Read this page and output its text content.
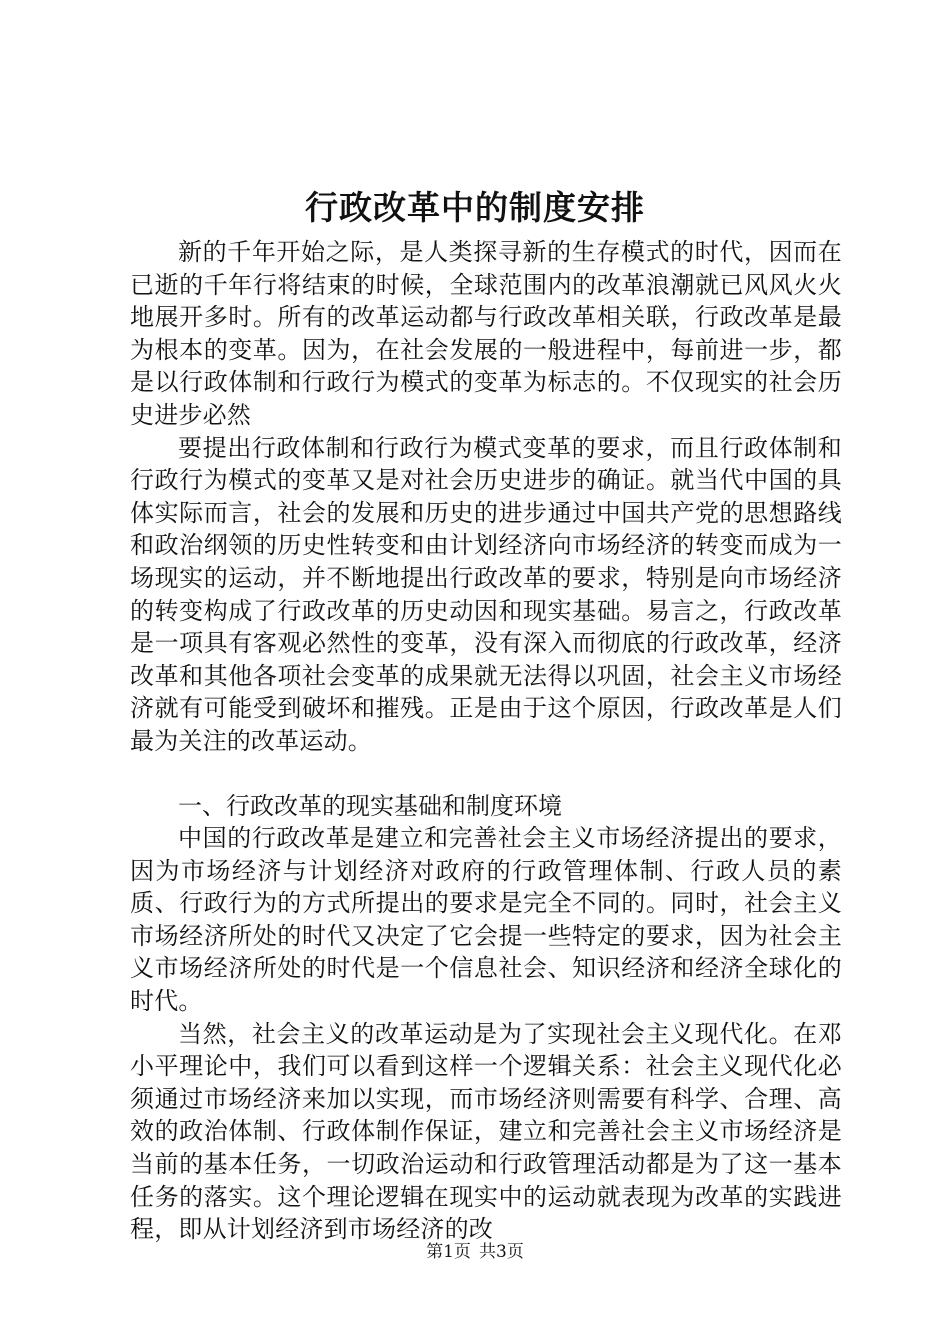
行政改革中的制度安排

新的千年开始之际，是人类探寻新的生存模式的时代，因而在已逝的千年行将结束的时候，全球范围内的改革浪潮就已风风火火地展开多时。所有的改革运动都与行政改革相关联，行政改革是最为根本的变革。因为，在社会发展的一般进程中，每前进一步，都是以行政体制和行政行为模式的变革为标志的。不仅现实的社会历史进步必然

要提出行政体制和行政行为模式变革的要求，而且行政体制和行政行为模式的变革又是对社会历史进步的确证。就当代中国的具体实际而言，社会的发展和历史的进步通过中国共产党的思想路线和政治纲领的历史性转变和由计划经济向市场经济的转变而成为一场现实的运动，并不断地提出行政改革的要求，特别是向市场经济的转变构成了行政改革的历史动因和现实基础。易言之，行政改革是一项具有客观必然性的变革，没有深入而彻底的行政改革，经济改革和其他各项社会变革的成果就无法得以巩固，社会主义市场经济就有可能受到破坏和摧残。正是由于这个原因，行政改革是人们最为关注的改革运动。

一、行政改革的现实基础和制度环境

中国的行政改革是建立和完善社会主义市场经济提出的要求，因为市场经济与计划经济对政府的行政管理体制、行政人员的素质、行政行为的方式所提出的要求是完全不同的。同时，社会主义市场经济所处的时代又决定了它会提一些特定的要求，因为社会主义市场经济所处的时代是一个信息社会、知识经济和经济全球化的时代。

当然，社会主义的改革运动是为了实现社会主义现代化。在邓小平理论中，我们可以看到这样一个逻辑关系：社会主义现代化必须通过市场经济来加以实现，而市场经济则需要有科学、合理、高效的政治体制、行政体制作保证，建立和完善社会主义市场经济是当前的基本任务，一切政治运动和行政管理活动都是为了这一基本任务的落实。这个理论逻辑在现实中的运动就表现为改革的实践进程，即从计划经济到市场经济的改

第1页 共3页
